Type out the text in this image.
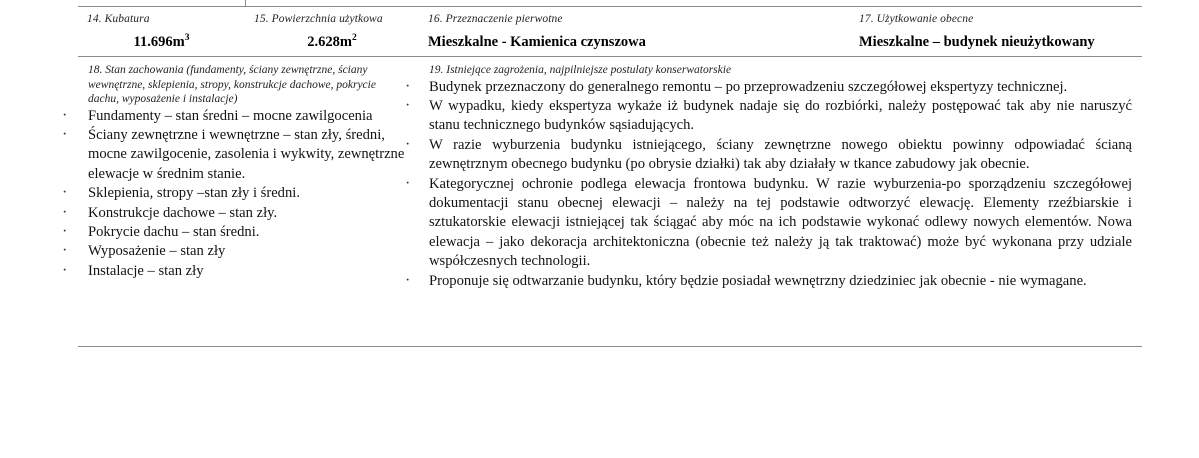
14. Kubatura
$11.696m^3$

15. Powierzchnia użytkowa
$2.628m^2$

16. Przeznaczenie pierwotne
Mieszkalne - Kamienica czynszowa

17. Użytkowanie obecne
Mieszkalne – budynek nieużytkowany

18. Stan zachowania (fundamenty, ściany zewnętrzne, ściany wewnętrzne, sklepienia, stropy, konstrukcje dachowe, pokrycie dachu, wyposażenie i instalacje)
· Fundamenty – stan średni – mocne zawilgocenia
· Ściany zewnętrzne i wewnętrzne – stan zły, średni, mocne zawilgocenie, zasolenia i wykwity, zewnętrzne elewacje w średnim stanie.
· Sklepienia, stropy –stan zły i średni.
· Konstrukcje dachowe – stan zły.
· Pokrycie dachu – stan średni.
· Wyposażenie – stan zły
· Instalacje – stan zły

19. Istniejące zagrożenia, najpilniejsze postulaty konserwatorskie
· Budynek przeznaczony do generalnego remontu – po przeprowadzeniu szczegółowej ekspertyzy technicznej.
· W wypadku, kiedy ekspertyza wykaże iż budynek nadaje się do rozbiórki, należy postępować tak aby nie naruszyć stanu technicznego budynków sąsiadujących.
· W razie wyburzenia budynku istniejącego, ściany zewnętrzne nowego obiektu powinny odpowiadać ścianą zewnętrznym obecnego budynku (po obrysie działki) tak aby działały w tkance zabudowy jak obecnie.
· Kategorycznej ochronie podlega elewacja frontowa budynku. W razie wyburzenia-po sporządzeniu szczegółowej dokumentacji stanu obecnej elewacji – należy na tej podstawie odtworzyć elewację. Elementy rzeźbiarskie i sztukatorskie elewacji istniejącej tak ściągać aby móc na ich podstawie wykonać odlewy nowych elementów. Nowa elewacja – jako dekoracja architektoniczna (obecnie też należy ją tak traktować) może być wykonana przy udziale współczesnych technologii.
· Proponuje się odtwarzanie budynku, który będzie posiadał wewnętrzny dziedziniec jak obecnie - nie wymagane.
